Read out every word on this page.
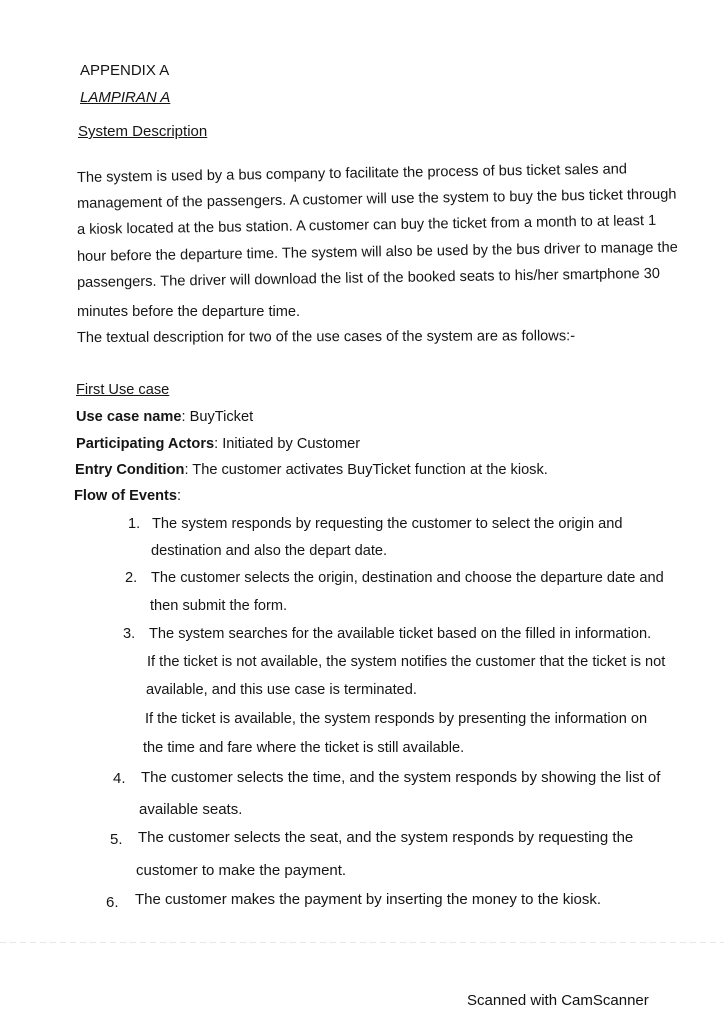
APPENDIX A
LAMPIRAN A
System Description
The system is used by a bus company to facilitate the process of bus ticket sales and
management of the passengers. A customer will use the system to buy the bus ticket through
a kiosk located at the bus station. A customer can buy the ticket from a month to at least 1
hour before the departure time. The system will also be used by the bus driver to manage the
passengers. The driver will download the list of the booked seats to his/her smartphone 30
minutes before the departure time.
The textual description for two of the use cases of the system are as follows:-
First Use case
Use case name: BuyTicket
Participating Actors: Initiated by Customer
Entry Condition: The customer activates BuyTicket function at the kiosk.
Flow of Events:
1. The system responds by requesting the customer to select the origin and
destination and also the depart date.
2. The customer selects the origin, destination and choose the departure date and
then submit the form.
3. The system searches for the available ticket based on the filled in information.
If the ticket is not available, the system notifies the customer that the ticket is not
available, and this use case is terminated.
If the ticket is available, the system responds by presenting the information on
the time and fare where the ticket is still available.
4. The customer selects the time, and the system responds by showing the list of
available seats.
5. The customer selects the seat, and the system responds by requesting the
customer to make the payment.
6. The customer makes the payment by inserting the money to the kiosk.
Scanned with CamScanner
